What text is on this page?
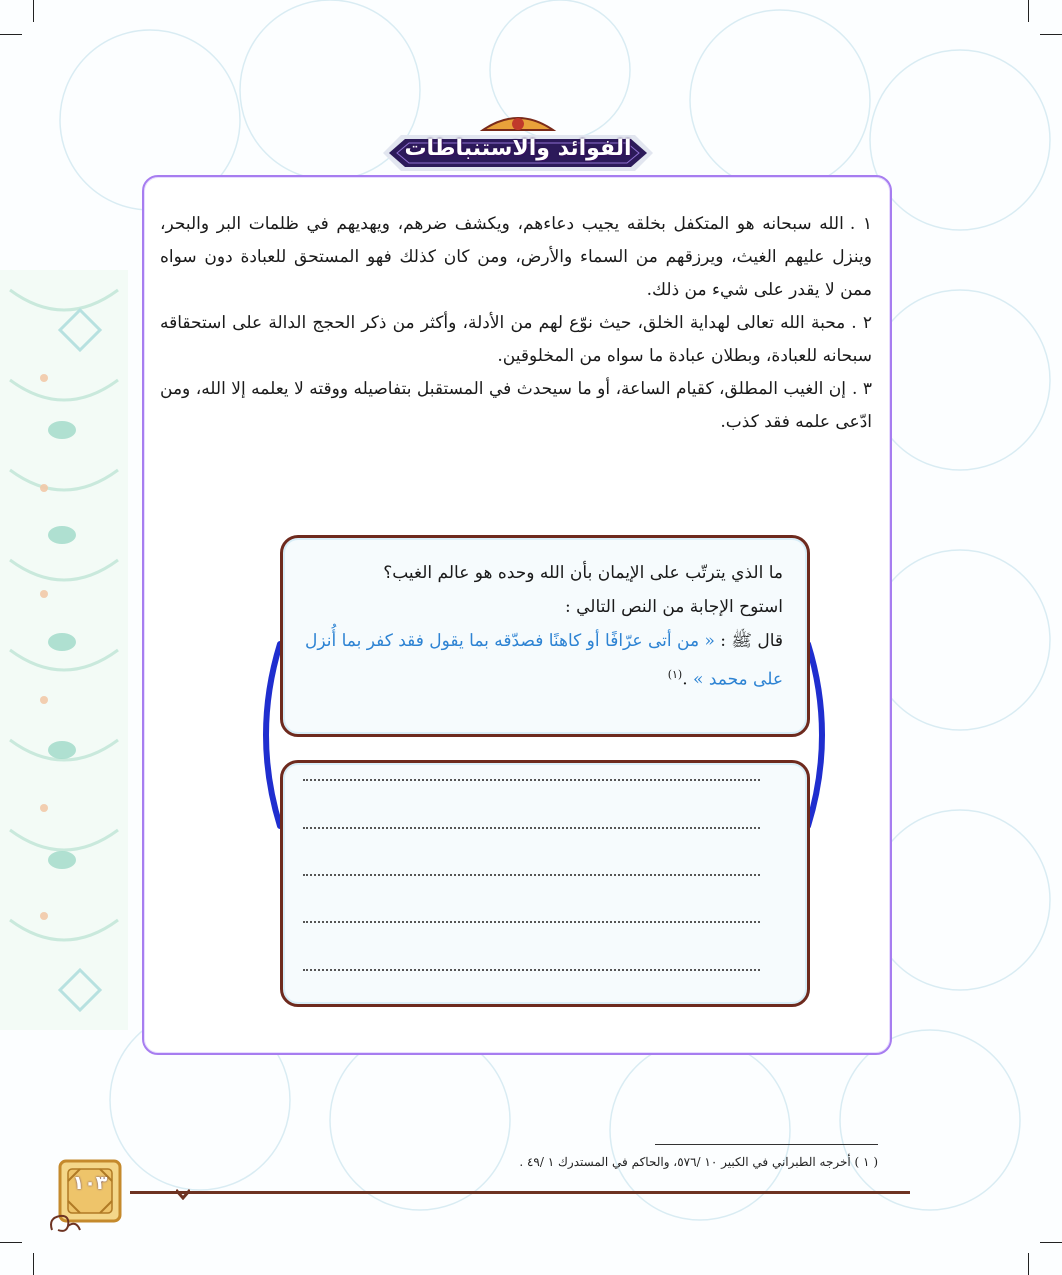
الفوائد والاستنباطات
١ .الله سبحانه هو المتكفل بخلقه يجيب دعاءهم، ويكشف ضرهم، ويهديهم في ظلمات البر والبحر، وينزل عليهم الغيث، ويرزقهم من السماء والأرض، ومن كان كذلك فهو المستحق للعبادة دون سواه ممن لا يقدر على شيء من ذلك.
٢ .محبة الله تعالى لهداية الخلق، حيث نوّع لهم من الأدلة، وأكثر من ذكر الحجج الدالة على استحقاقه سبحانه للعبادة، وبطلان عبادة ما سواه من المخلوقين.
٣ .إن الغيب المطلق، كقيام الساعة، أو ما سيحدث في المستقبل بتفاصيله ووقته لا يعلمه إلا الله، ومن ادّعى علمه فقد كذب.
ما الذي يترتّب على الإيمان بأن الله وحده هو عالم الغيب؟
استوح الإجابة من النص التالي :
قال ﷺ : « من أتى عرّافًا أو كاهنًا فصدّقه بما يقول فقد كفر بما أُنزل على محمد » .$^{(١)}$
( ١ ) أخرجه الطبراني في الكبير ١٠ /٥٧٦، والحاكم في المستدرك ١ /٤٩ .
١٠٣
